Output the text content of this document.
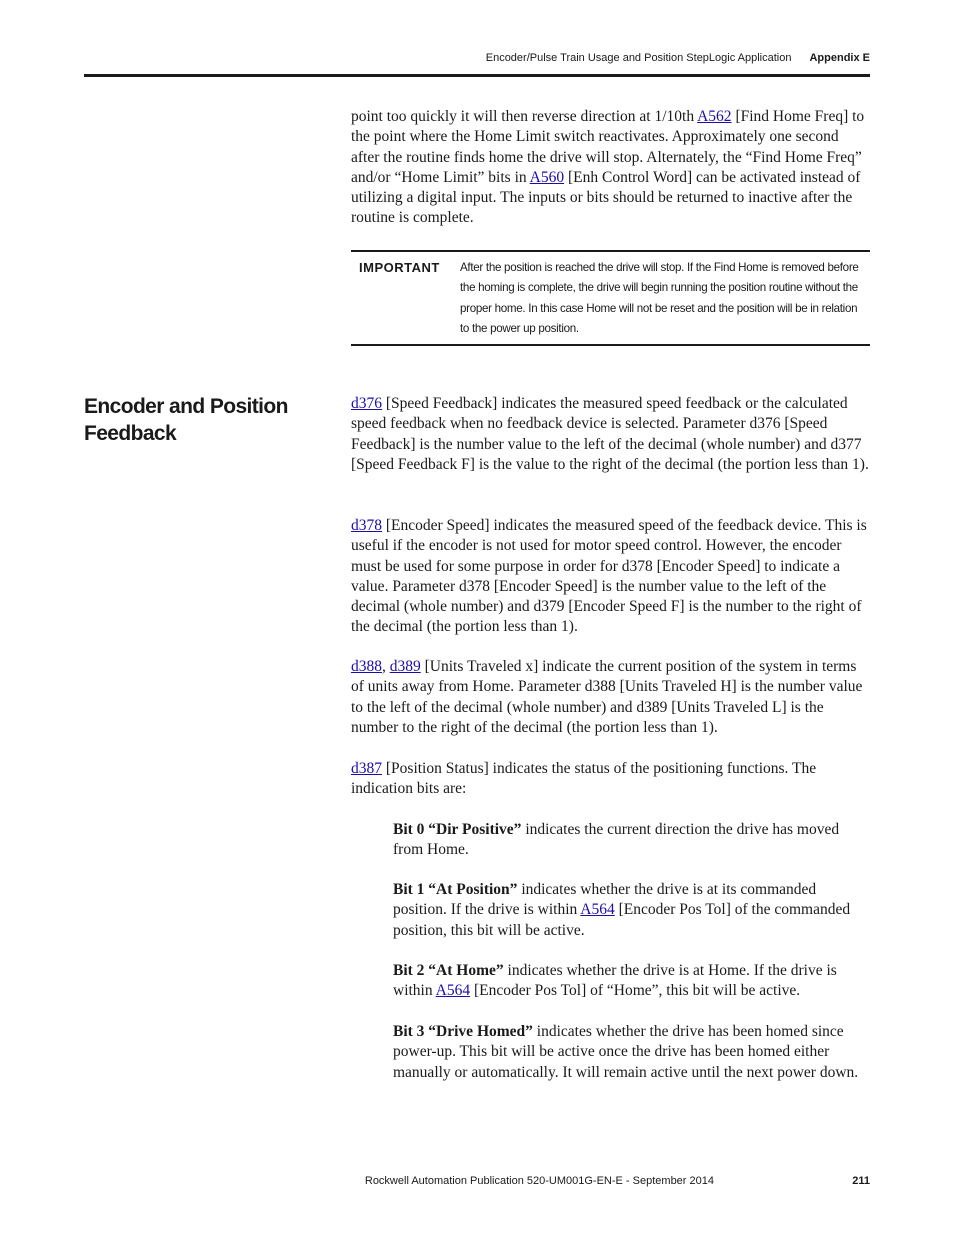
Encoder/Pulse Train Usage and Position StepLogic Application Appendix E

point too quickly it will then reverse direction at 1/10th A562 [Find Home Freq] to the point where the Home Limit switch reactivates. Approximately one second after the routine finds home the drive will stop. Alternately, the “Find Home Freq” and/or “Home Limit” bits in A560 [Enh Control Word] can be activated instead of utilizing a digital input. The inputs or bits should be returned to inactive after the routine is complete.

IMPORTANT After the position is reached the drive will stop. If the Find Home is removed before the homing is complete, the drive will begin running the position routine without the proper home. In this case Home will not be reset and the position will be in relation to the power up position.
Encoder and Position Feedback

d376 [Speed Feedback] indicates the measured speed feedback or the calculated speed feedback when no feedback device is selected. Parameter d376 [Speed Feedback] is the number value to the left of the decimal (whole number) and d377 [Speed Feedback F] is the value to the right of the decimal (the portion less than 1).

d378 [Encoder Speed] indicates the measured speed of the feedback device. This is useful if the encoder is not used for motor speed control. However, the encoder must be used for some purpose in order for d378 [Encoder Speed] to indicate a value. Parameter d378 [Encoder Speed] is the number value to the left of the decimal (whole number) and d379 [Encoder Speed F] is the number to the right of the decimal (the portion less than 1).

d388, d389 [Units Traveled x] indicate the current position of the system in terms of units away from Home. Parameter d388 [Units Traveled H] is the number value to the left of the decimal (whole number) and d389 [Units Traveled L] is the number to the right of the decimal (the portion less than 1).

d387 [Position Status] indicates the status of the positioning functions. The indication bits are:

Bit 0 “Dir Positive” indicates the current direction the drive has moved from Home.

Bit 1 “At Position” indicates whether the drive is at its commanded position. If the drive is within A564 [Encoder Pos Tol] of the commanded position, this bit will be active.

Bit 2 “At Home” indicates whether the drive is at Home. If the drive is within A564 [Encoder Pos Tol] of “Home”, this bit will be active.

Bit 3 “Drive Homed” indicates whether the drive has been homed since power-up. This bit will be active once the drive has been homed either manually or automatically. It will remain active until the next power down.

Rockwell Automation Publication 520-UM001G-EN-E - September 2014	211
